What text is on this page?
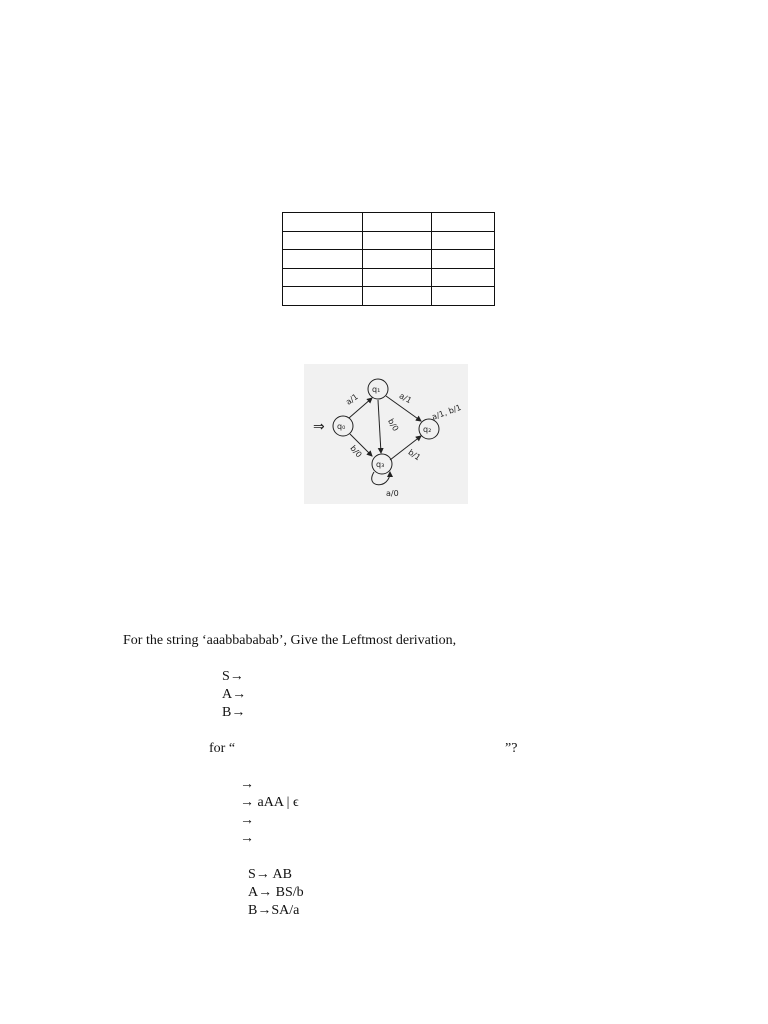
q₀
q₁
q₂
q₃
⇒
a/1	a/1
b/0
b/0
a/1, b/1
b/1
a/0
For the string ‘aaabbababab’, Give the Leftmost derivation,
S→
A→
B→
for “	”?
→
→ aAA | ϵ
→
→
S→ AB
A→ BS/b
B→SA/a
